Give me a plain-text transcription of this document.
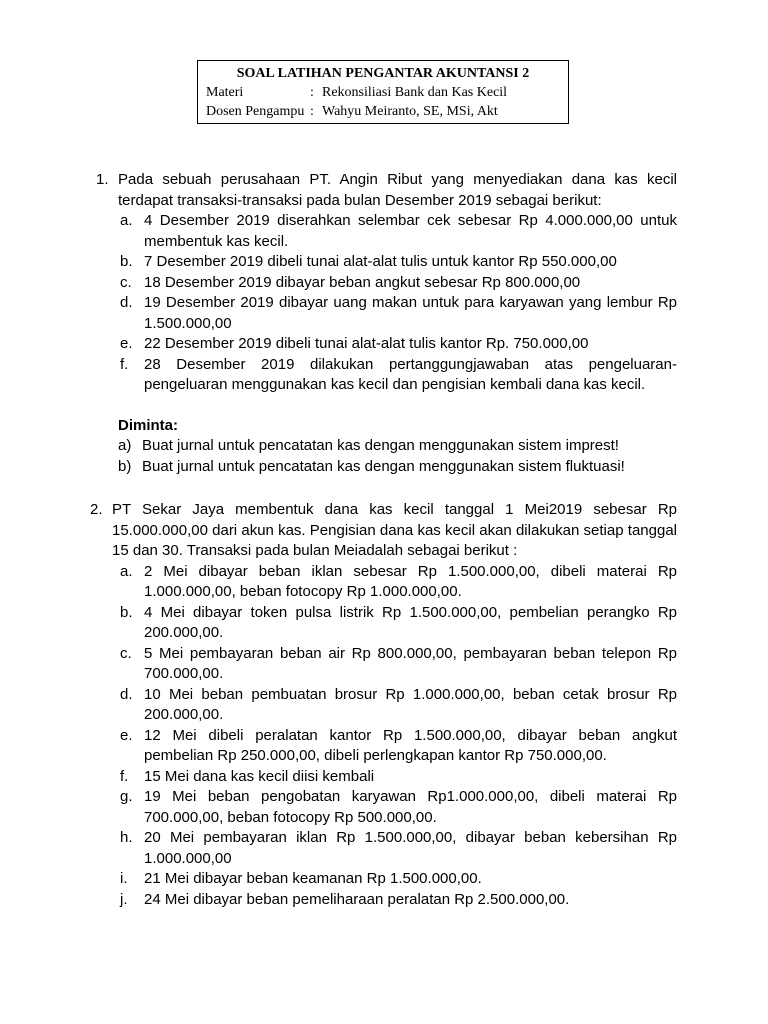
SOAL LATIHAN PENGANTAR AKUNTANSI 2
Materi	: Rekonsiliasi Bank dan Kas Kecil
Dosen Pengampu : Wahyu Meiranto, SE, MSi, Akt
1. Pada sebuah perusahaan PT. Angin Ribut yang menyediakan dana kas kecil terdapat transaksi-transaksi pada bulan Desember 2019 sebagai berikut:
a. 4 Desember 2019 diserahkan selembar cek sebesar Rp 4.000.000,00 untuk membentuk kas kecil.
b. 7 Desember 2019 dibeli tunai alat-alat tulis untuk kantor Rp 550.000,00
c. 18 Desember 2019 dibayar beban angkut sebesar Rp 800.000,00
d. 19 Desember 2019 dibayar uang makan untuk para karyawan yang lembur Rp 1.500.000,00
e. 22 Desember 2019 dibeli tunai alat-alat tulis kantor Rp. 750.000,00
f.	28 Desember 2019 dilakukan pertanggungjawaban atas pengeluaran-pengeluaran menggunakan kas kecil dan pengisian kembali dana kas kecil.
Diminta:
a) Buat jurnal untuk pencatatan kas dengan menggunakan sistem imprest!
b) Buat jurnal untuk pencatatan kas dengan menggunakan sistem fluktuasi!
2. PT Sekar Jaya membentuk dana kas kecil tanggal 1 Mei2019 sebesar Rp 15.000.000,00 dari akun kas. Pengisian dana kas kecil akan dilakukan setiap tanggal 15 dan 30. Transaksi pada bulan Meiadalah sebagai berikut :
a. 2 Mei dibayar beban iklan sebesar Rp 1.500.000,00, dibeli materai Rp 1.000.000,00, beban fotocopy Rp 1.000.000,00.
b. 4 Mei dibayar token pulsa listrik Rp 1.500.000,00, pembelian perangko Rp 200.000,00.
c. 5 Mei pembayaran beban air Rp 800.000,00, pembayaran beban telepon Rp 700.000,00.
d. 10 Mei beban pembuatan brosur Rp 1.000.000,00, beban cetak brosur Rp 200.000,00.
e. 12 Mei dibeli peralatan kantor Rp 1.500.000,00, dibayar beban angkut pembelian Rp 250.000,00, dibeli perlengkapan kantor Rp 750.000,00.
f.	15 Mei dana kas kecil diisi kembali
g. 19 Mei beban pengobatan karyawan Rp1.000.000,00, dibeli materai Rp 700.000,00, beban fotocopy Rp 500.000,00.
h. 20 Mei pembayaran iklan Rp 1.500.000,00, dibayar beban kebersihan Rp 1.000.000,00
i.	21 Mei dibayar beban keamanan Rp 1.500.000,00.
j.	24 Mei dibayar beban pemeliharaan peralatan Rp 2.500.000,00.
